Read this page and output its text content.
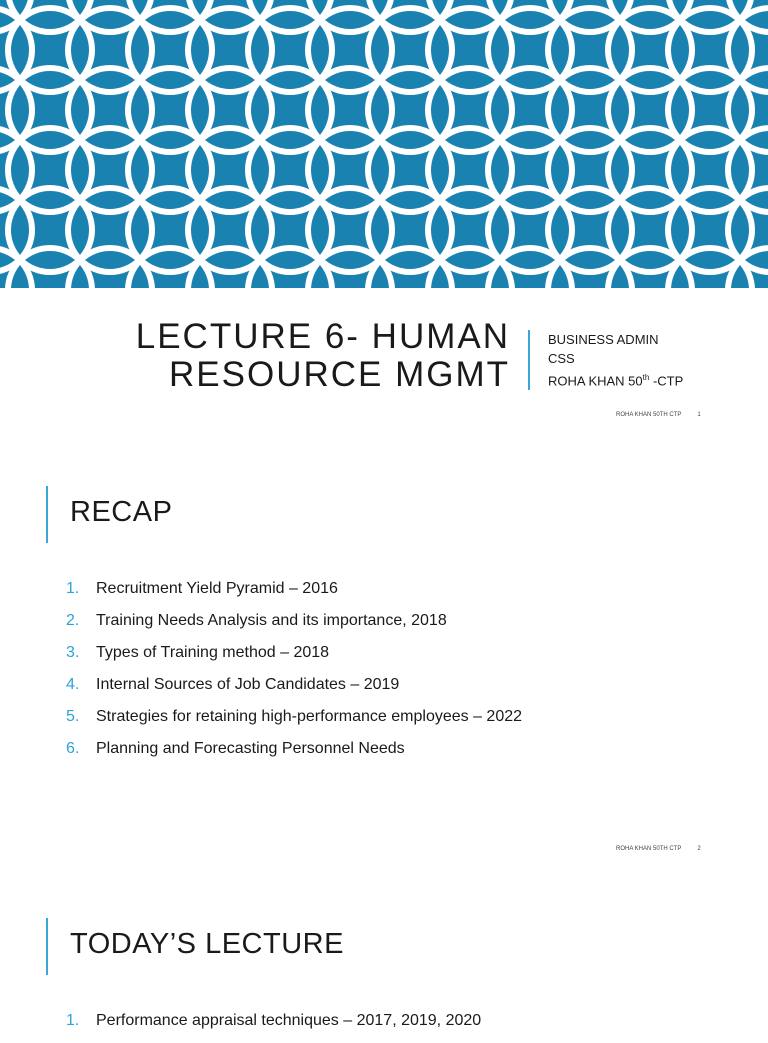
LECTURE 6- HUMAN
RESOURCE MGMT
BUSINESS ADMIN
CSS
ROHA KHAN 50th -CTP
ROHA KHAN 50TH CTP	1
RECAP
1. Recruitment Yield Pyramid – 2016
2. Training Needs Analysis and its importance, 2018
3. Types of Training method – 2018
4. Internal Sources of Job Candidates – 2019
5. Strategies for retaining high-performance employees – 2022
6. Planning and Forecasting Personnel Needs
ROHA KHAN 50TH CTP	2
TODAY’S LECTURE
1. Performance appraisal techniques – 2017, 2019, 2020
